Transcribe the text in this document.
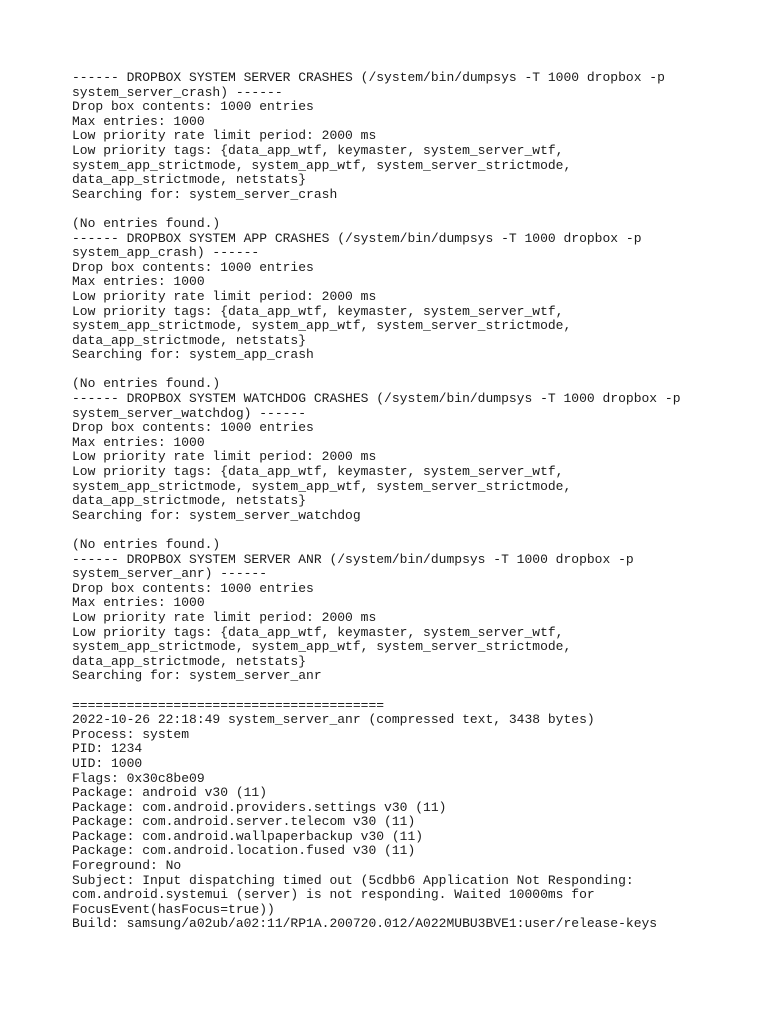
------ DROPBOX SYSTEM SERVER CRASHES (/system/bin/dumpsys -T 1000 dropbox -p
system_server_crash) ------
Drop box contents: 1000 entries
Max entries: 1000
Low priority rate limit period: 2000 ms
Low priority tags: {data_app_wtf, keymaster, system_server_wtf,
system_app_strictmode, system_app_wtf, system_server_strictmode,
data_app_strictmode, netstats}
Searching for: system_server_crash
(No entries found.)
------ DROPBOX SYSTEM APP CRASHES (/system/bin/dumpsys -T 1000 dropbox -p
system_app_crash) ------
Drop box contents: 1000 entries
Max entries: 1000
Low priority rate limit period: 2000 ms
Low priority tags: {data_app_wtf, keymaster, system_server_wtf,
system_app_strictmode, system_app_wtf, system_server_strictmode,
data_app_strictmode, netstats}
Searching for: system_app_crash
(No entries found.)
------ DROPBOX SYSTEM WATCHDOG CRASHES (/system/bin/dumpsys -T 1000 dropbox -p
system_server_watchdog) ------
Drop box contents: 1000 entries
Max entries: 1000
Low priority rate limit period: 2000 ms
Low priority tags: {data_app_wtf, keymaster, system_server_wtf,
system_app_strictmode, system_app_wtf, system_server_strictmode,
data_app_strictmode, netstats}
Searching for: system_server_watchdog
(No entries found.)
------ DROPBOX SYSTEM SERVER ANR (/system/bin/dumpsys -T 1000 dropbox -p
system_server_anr) ------
Drop box contents: 1000 entries
Max entries: 1000
Low priority rate limit period: 2000 ms
Low priority tags: {data_app_wtf, keymaster, system_server_wtf,
system_app_strictmode, system_app_wtf, system_server_strictmode,
data_app_strictmode, netstats}
Searching for: system_server_anr
========================================
2022-10-26 22:18:49 system_server_anr (compressed text, 3438 bytes)
Process: system
PID: 1234
UID: 1000
Flags: 0x30c8be09
Package: android v30 (11)
Package: com.android.providers.settings v30 (11)
Package: com.android.server.telecom v30 (11)
Package: com.android.wallpaperbackup v30 (11)
Package: com.android.location.fused v30 (11)
Foreground: No
Subject: Input dispatching timed out (5cdbb6 Application Not Responding:
com.android.systemui (server) is not responding. Waited 10000ms for
FocusEvent(hasFocus=true))
Build: samsung/a02ub/a02:11/RP1A.200720.012/A022MUBU3BVE1:user/release-keys
